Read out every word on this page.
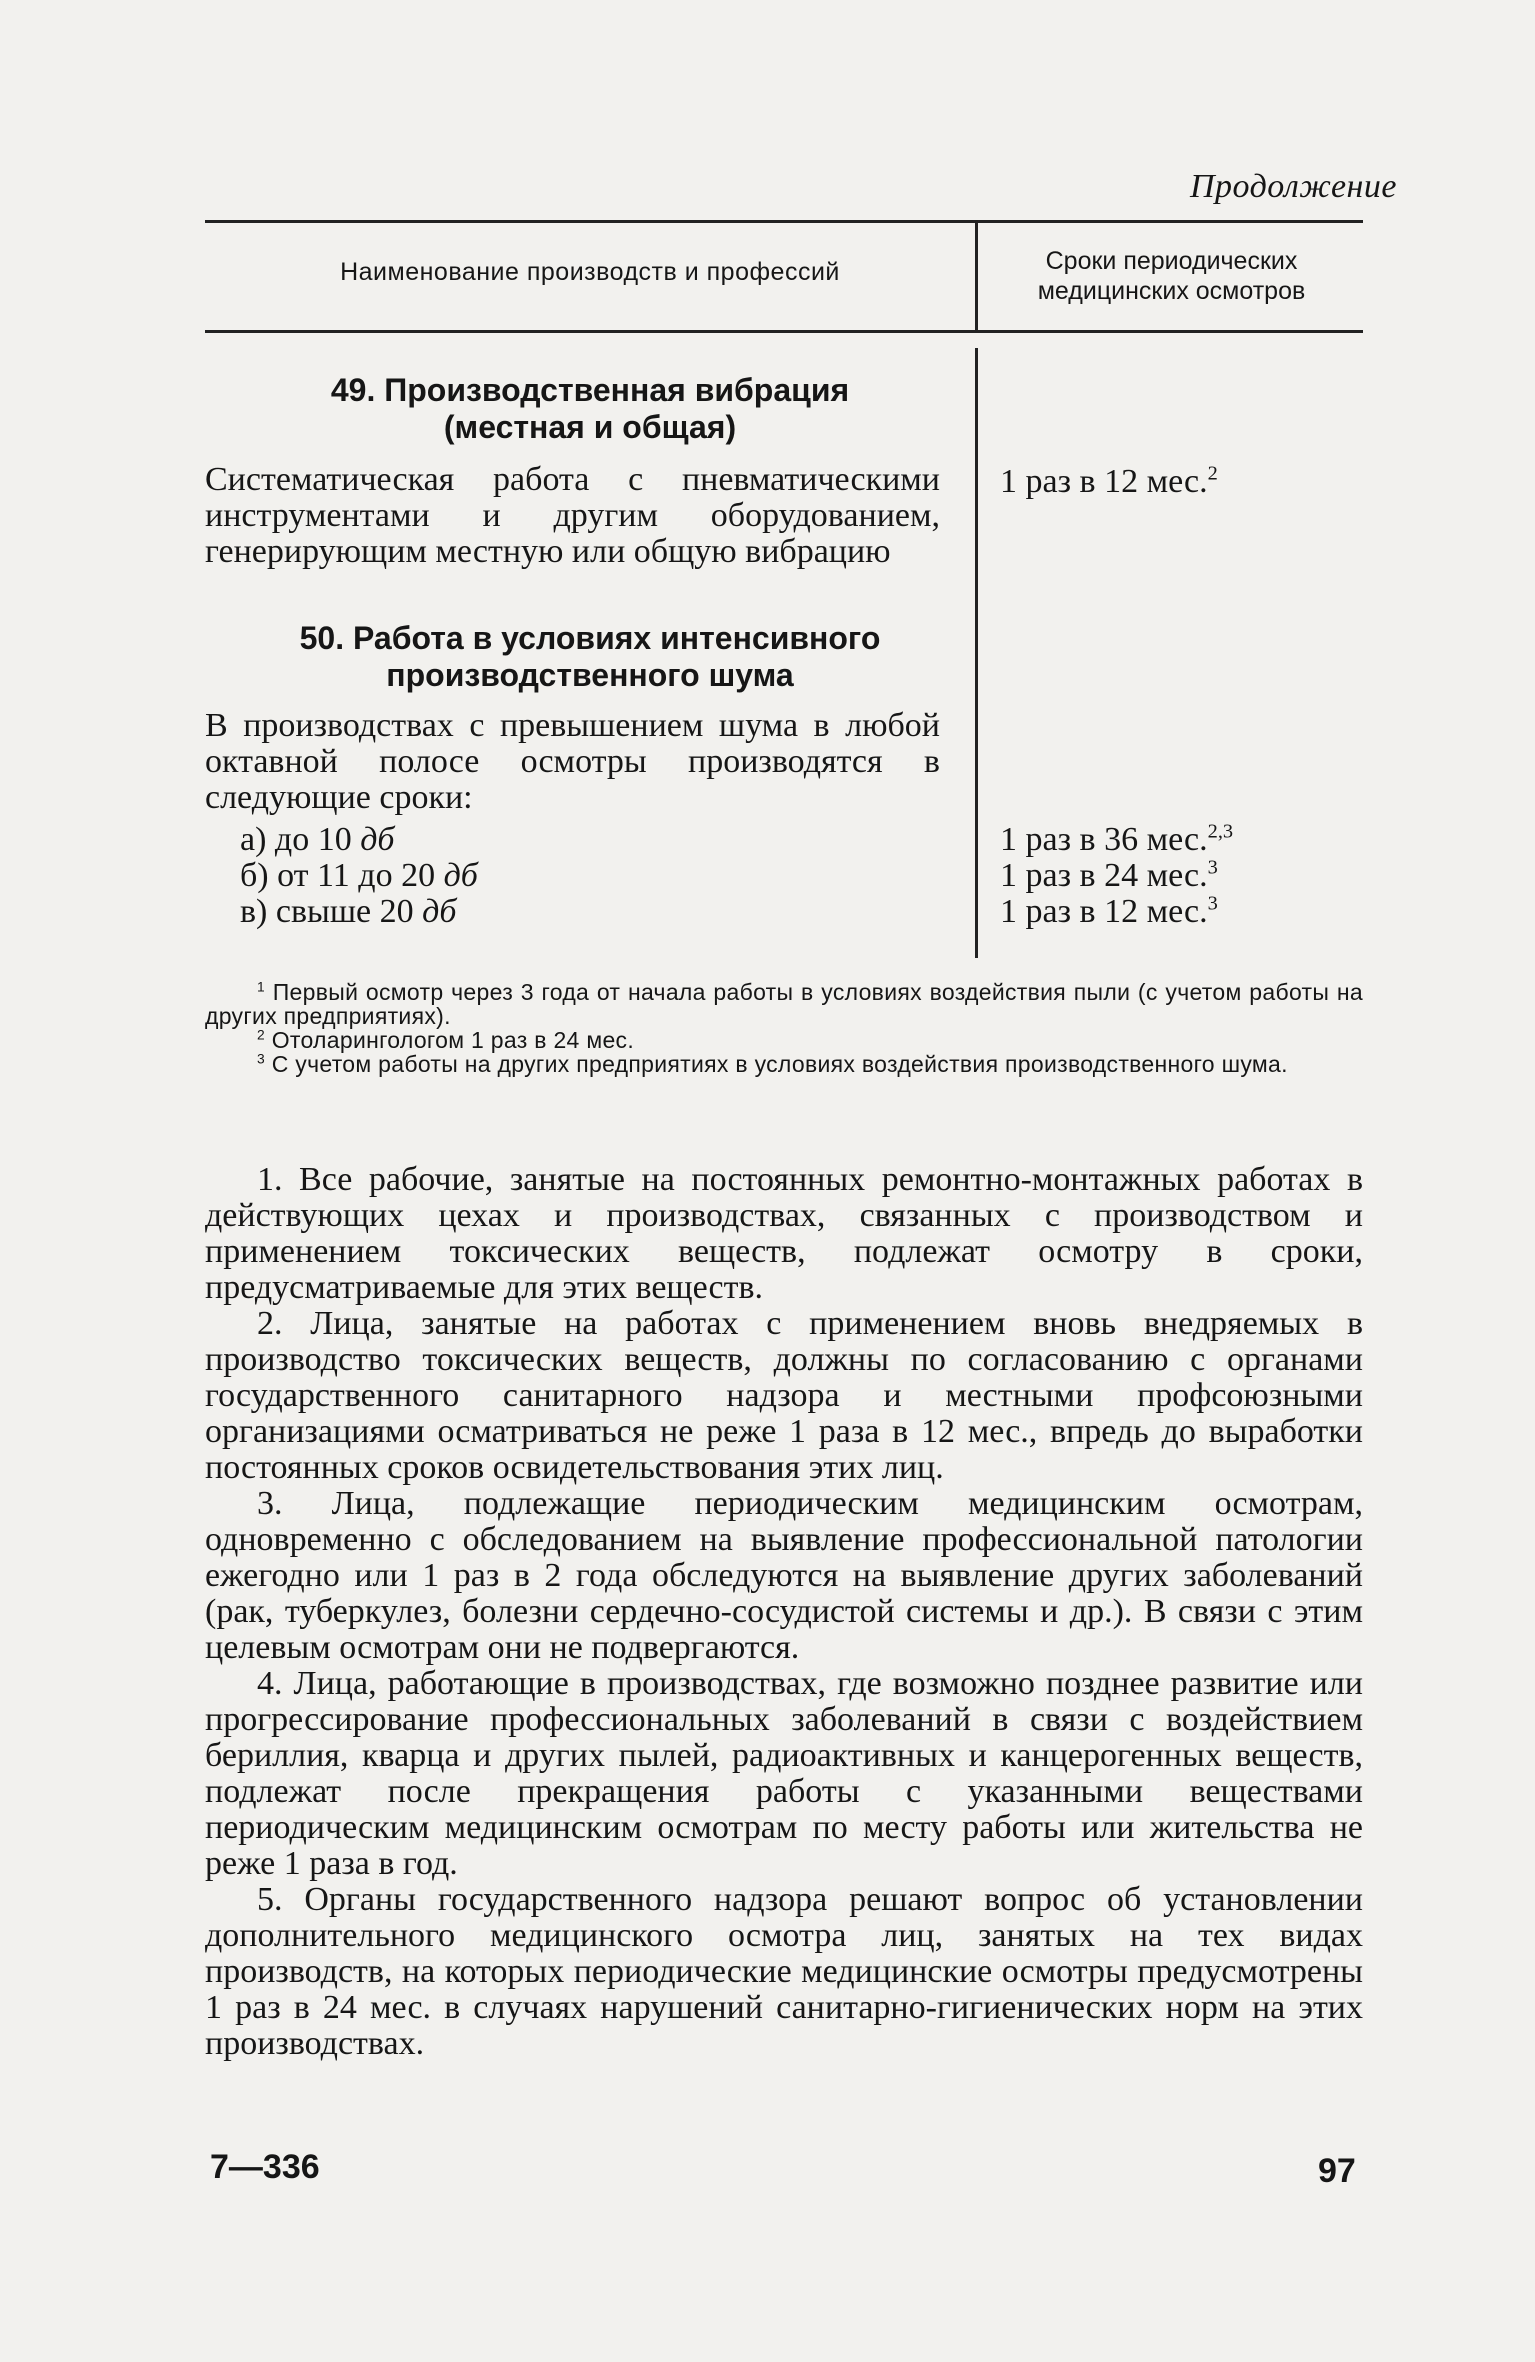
Продолжение
Наименование производств и профессий	Сроки периодических
медицинских осмотров
49. Производственная вибрация
(местная и общая)
Систематическая работа с пневматическими инструментами и другим оборудованием, генерирующим местную или общую вибрацию
1 раз в 12 мес.$^2$
50. Работа в условиях интенсивного
производственного шума
В производствах с превышением шума в любой октавной полосе осмотры производятся в следующие сроки:
а) до 10 дб
б) от 11 до 20 дб
в) свыше 20 дб
1 раз в 36 мес.$^{2,3}$
1 раз в 24 мес.$^3$
1 раз в 12 мес.$^3$
$^1$ Первый осмотр через 3 года от начала работы в условиях воздействия пыли (с учетом работы на других предприятиях).
$^2$ Отоларингологом 1 раз в 24 мес.
$^3$ С учетом работы на других предприятиях в условиях воздействия производственного шума.

1. Все рабочие, занятые на постоянных ремонтно-монтажных работах в действующих цехах и производствах, связанных с производством и применением токсических веществ, подлежат осмотру в сроки, предусматриваемые для этих веществ.

2. Лица, занятые на работах с применением вновь внедряемых в производство токсических веществ, должны по согласованию с органами государственного санитарного надзора и местными профсоюзными организациями осматриваться не реже 1 раза в 12 мес., впредь до выработки постоянных сроков освидетельствования этих лиц.

3. Лица, подлежащие периодическим медицинским осмотрам, одновременно с обследованием на выявление профессиональной патологии ежегодно или 1 раз в 2 года обследуются на выявление других заболеваний (рак, туберкулез, болезни сердечно-сосудистой системы и др.). В связи с этим целевым осмотрам они не подвергаются.

4. Лица, работающие в производствах, где возможно позднее развитие или прогрессирование профессиональных заболеваний в связи с воздействием бериллия, кварца и других пылей, радиоактивных и канцерогенных веществ, подлежат после прекращения работы с указанными веществами периодическим медицинским осмотрам по месту работы или жительства не реже 1 раза в год.

5. Органы государственного надзора решают вопрос об установлении дополнительного медицинского осмотра лиц, занятых на тех видах производств, на которых периодические медицинские осмотры предусмотрены 1 раз в 24 мес. в случаях нарушений санитарно-гигиенических норм на этих производствах.

7—336	97
